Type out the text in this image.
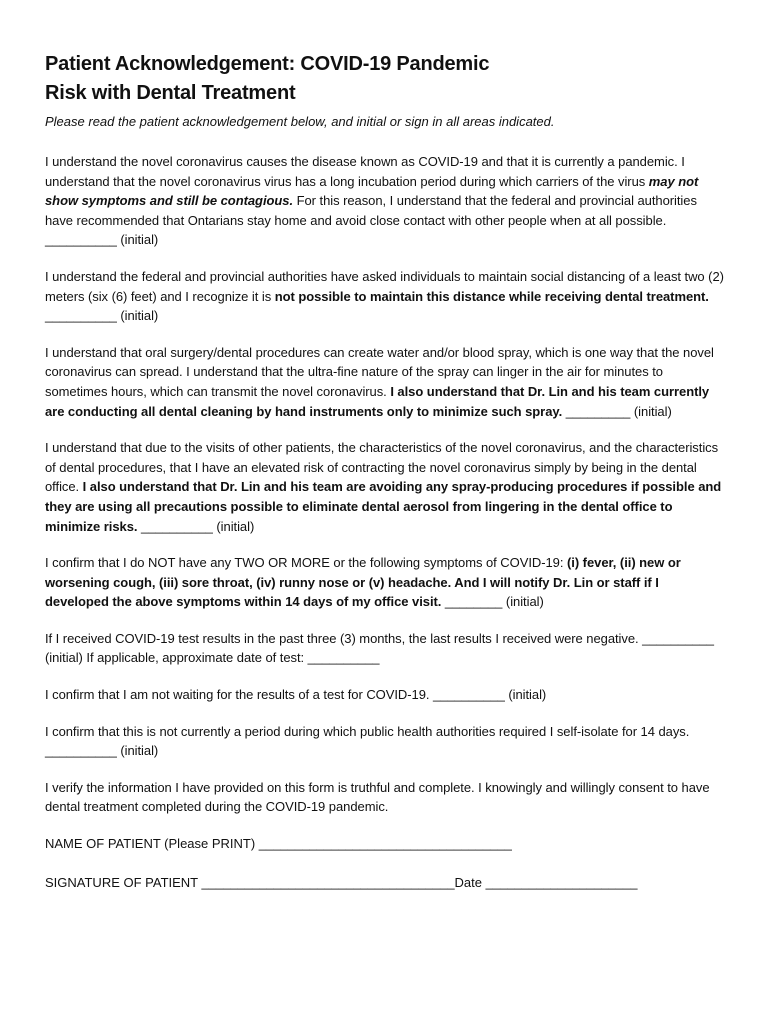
Patient Acknowledgement: COVID-19 Pandemic
Risk with Dental Treatment

Please read the patient acknowledgement below, and initial or sign in all areas indicated.

I understand the novel coronavirus causes the disease known as COVID-19 and that it is currently a pandemic. I understand that the novel coronavirus virus has a long incubation period during which carriers of the virus may not show symptoms and still be contagious. For this reason, I understand that the federal and provincial authorities have recommended that Ontarians stay home and avoid close contact with other people when at all possible. __________ (initial)

I understand the federal and provincial authorities have asked individuals to maintain social distancing of a least two (2) meters (six (6) feet) and I recognize it is not possible to maintain this distance while receiving dental treatment. __________ (initial)

I understand that oral surgery/dental procedures can create water and/or blood spray, which is one way that the novel coronavirus can spread. I understand that the ultra-fine nature of the spray can linger in the air for minutes to sometimes hours, which can transmit the novel coronavirus. I also understand that Dr. Lin and his team currently are conducting all dental cleaning by hand instruments only to minimize such spray. _________ (initial)

I understand that due to the visits of other patients, the characteristics of the novel coronavirus, and the characteristics of dental procedures, that I have an elevated risk of contracting the novel coronavirus simply by being in the dental office. I also understand that Dr. Lin and his team are avoiding any spray-producing procedures if possible and they are using all precautions possible to eliminate dental aerosol from lingering in the dental office to minimize risks. __________ (initial)

I confirm that I do NOT have any TWO OR MORE or the following symptoms of COVID-19: (i) fever, (ii) new or worsening cough, (iii) sore throat, (iv) runny nose or (v) headache. And I will notify Dr. Lin or staff if I developed the above symptoms within 14 days of my office visit. ________ (initial)

If I received COVID-19 test results in the past three (3) months, the last results I received were negative. __________ (initial) If applicable, approximate date of test: __________

I confirm that I am not waiting for the results of a test for COVID-19. __________ (initial)

I confirm that this is not currently a period during which public health authorities required I self-isolate for 14 days. __________ (initial)

I verify the information I have provided on this form is truthful and complete. I knowingly and willingly consent to have dental treatment completed during the COVID-19 pandemic.

NAME OF PATIENT (Please PRINT) ___________________________________

SIGNATURE OF PATIENT ___________________________________Date _____________________
